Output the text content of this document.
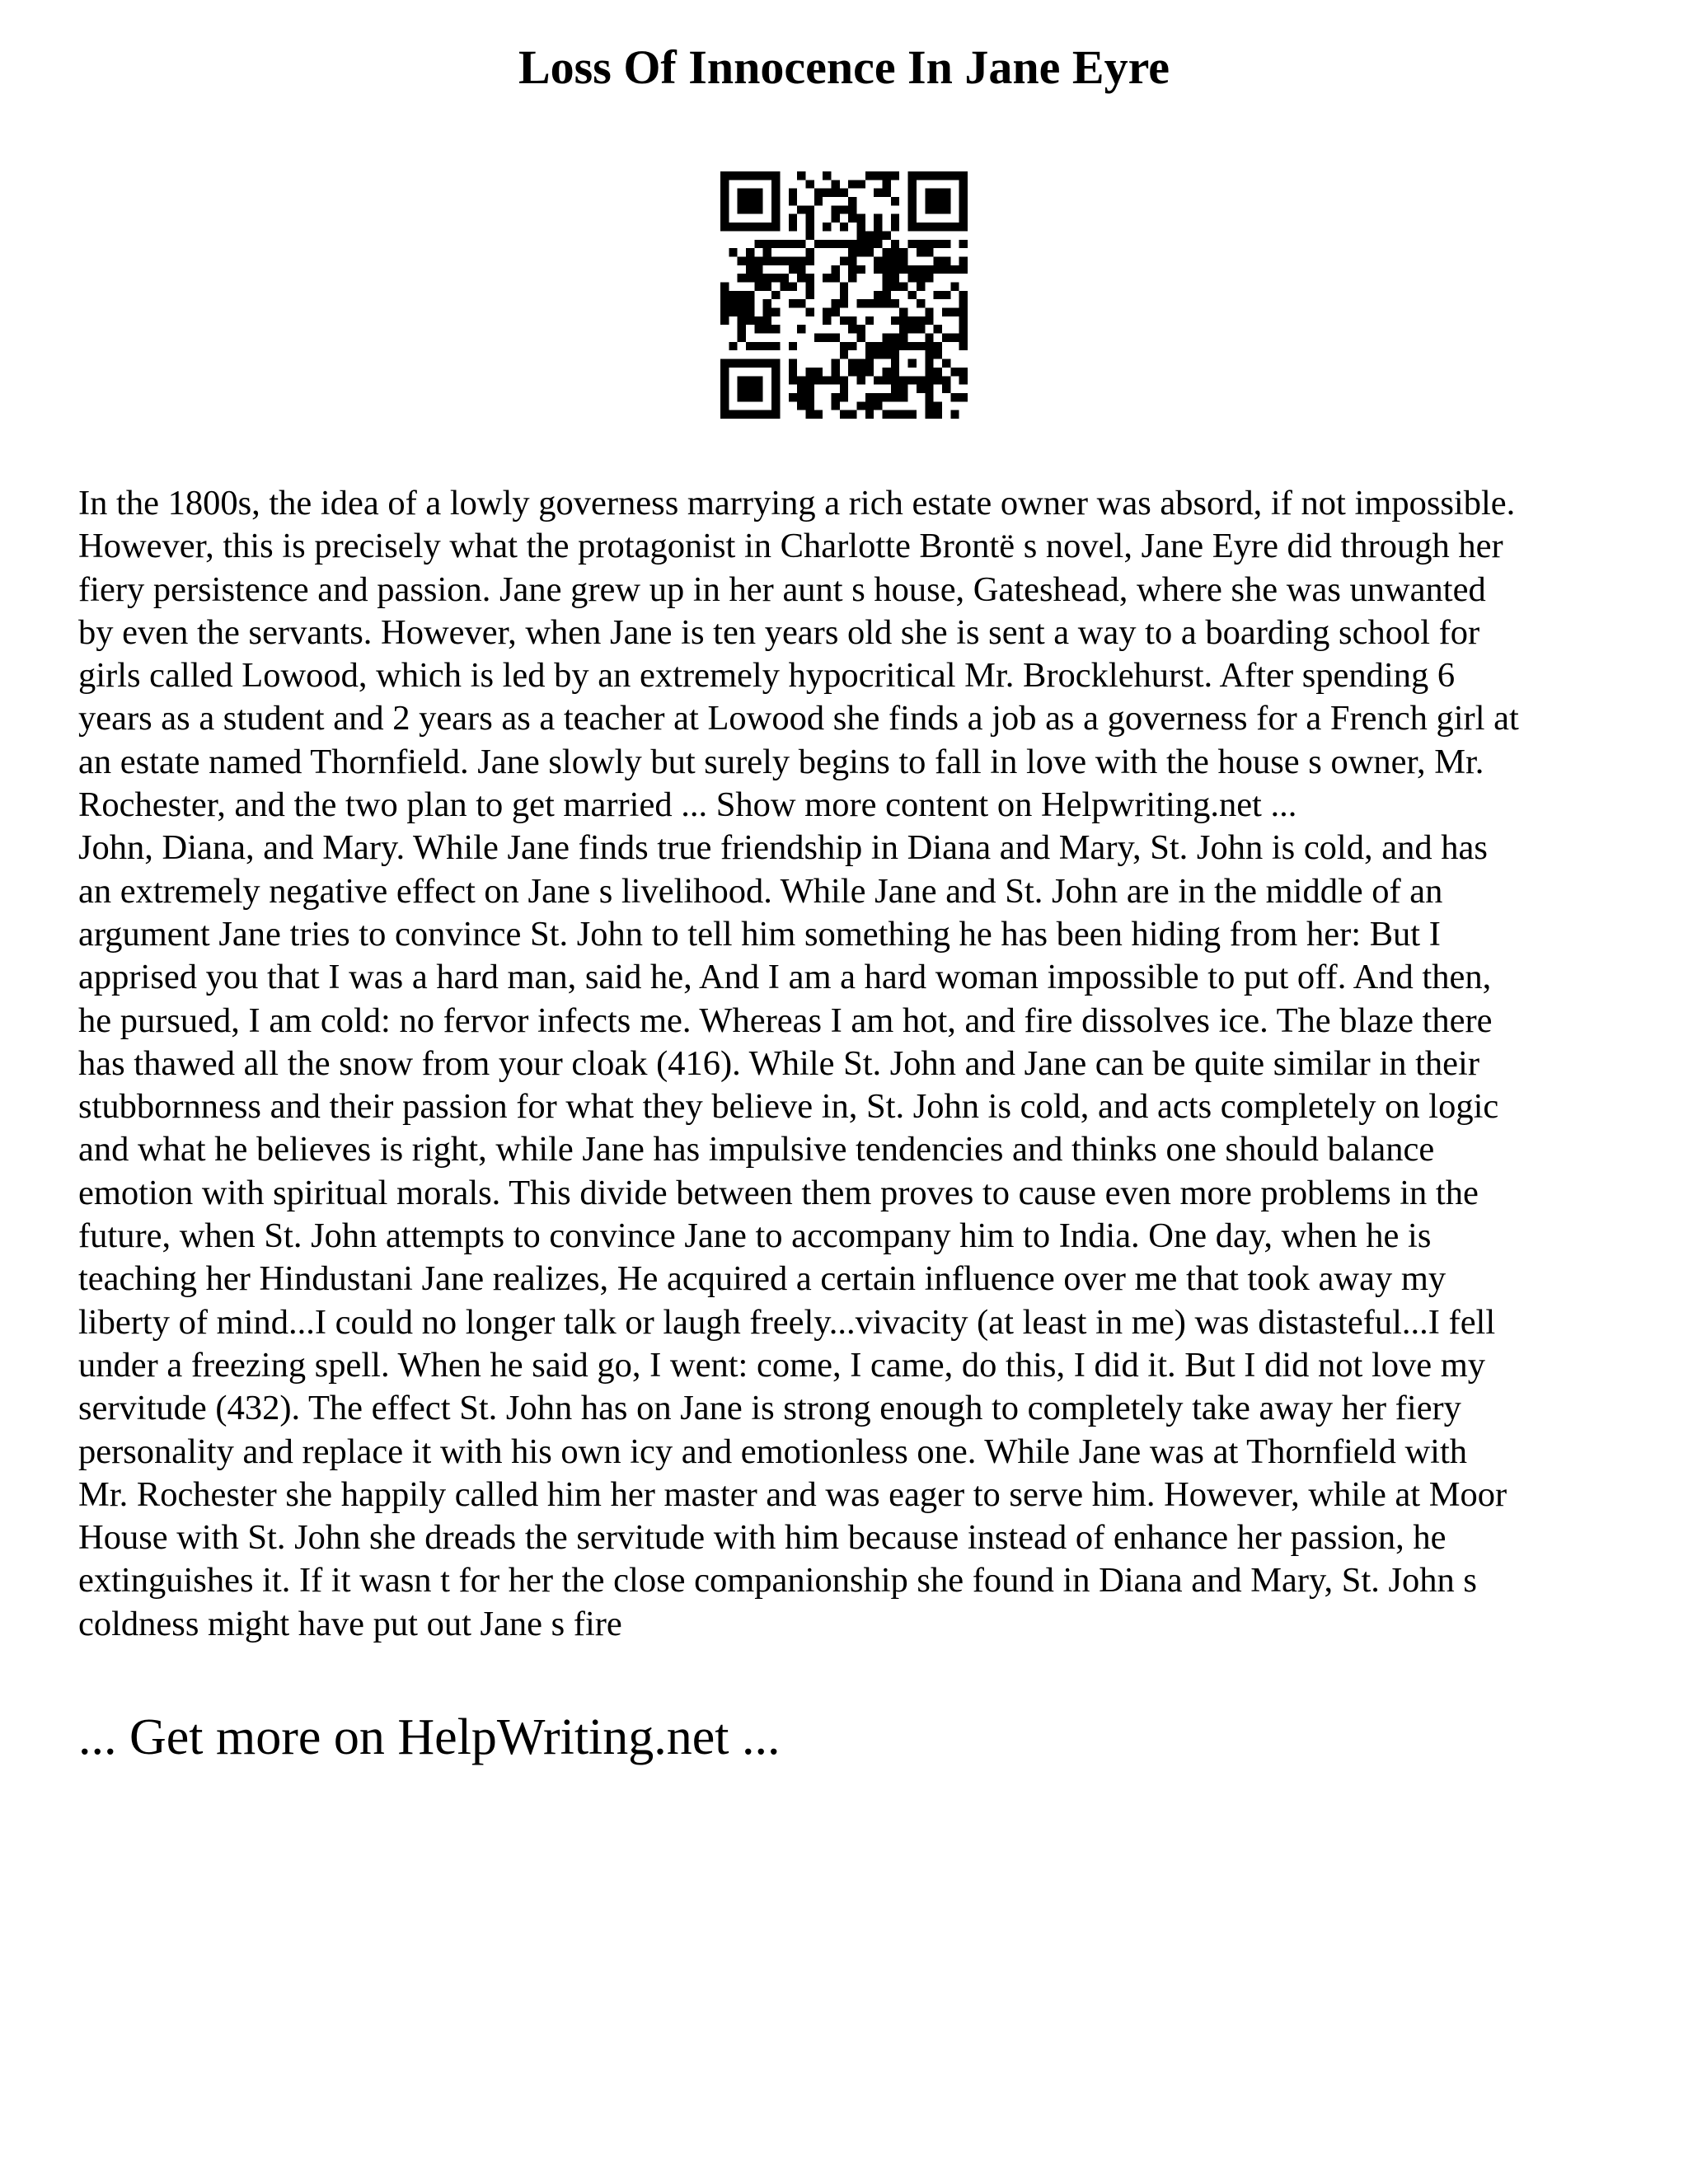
Loss Of Innocence In Jane Eyre
In the 1800s, the idea of a lowly governess marrying a rich estate owner was absord, if not impossible.
However, this is precisely what the protagonist in Charlotte Brontë s novel, Jane Eyre did through her
fiery persistence and passion. Jane grew up in her aunt s house, Gateshead, where she was unwanted
by even the servants. However, when Jane is ten years old she is sent a way to a boarding school for
girls called Lowood, which is led by an extremely hypocritical Mr. Brocklehurst. After spending 6
years as a student and 2 years as a teacher at Lowood she finds a job as a governess for a French girl at
an estate named Thornfield. Jane slowly but surely begins to fall in love with the house s owner, Mr.
Rochester, and the two plan to get married ... Show more content on Helpwriting.net ...
John, Diana, and Mary. While Jane finds true friendship in Diana and Mary, St. John is cold, and has
an extremely negative effect on Jane s livelihood. While Jane and St. John are in the middle of an
argument Jane tries to convince St. John to tell him something he has been hiding from her: But I
apprised you that I was a hard man, said he, And I am a hard woman impossible to put off. And then,
he pursued, I am cold: no fervor infects me. Whereas I am hot, and fire dissolves ice. The blaze there
has thawed all the snow from your cloak (416). While St. John and Jane can be quite similar in their
stubbornness and their passion for what they believe in, St. John is cold, and acts completely on logic
and what he believes is right, while Jane has impulsive tendencies and thinks one should balance
emotion with spiritual morals. This divide between them proves to cause even more problems in the
future, when St. John attempts to convince Jane to accompany him to India. One day, when he is
teaching her Hindustani Jane realizes, He acquired a certain influence over me that took away my
liberty of mind...I could no longer talk or laugh freely...vivacity (at least in me) was distasteful...I fell
under a freezing spell. When he said go, I went: come, I came, do this, I did it. But I did not love my
servitude (432). The effect St. John has on Jane is strong enough to completely take away her fiery
personality and replace it with his own icy and emotionless one. While Jane was at Thornfield with
Mr. Rochester she happily called him her master and was eager to serve him. However, while at Moor
House with St. John she dreads the servitude with him because instead of enhance her passion, he
extinguishes it. If it wasn t for her the close companionship she found in Diana and Mary, St. John s
coldness might have put out Jane s fire

... Get more on HelpWriting.net ...
